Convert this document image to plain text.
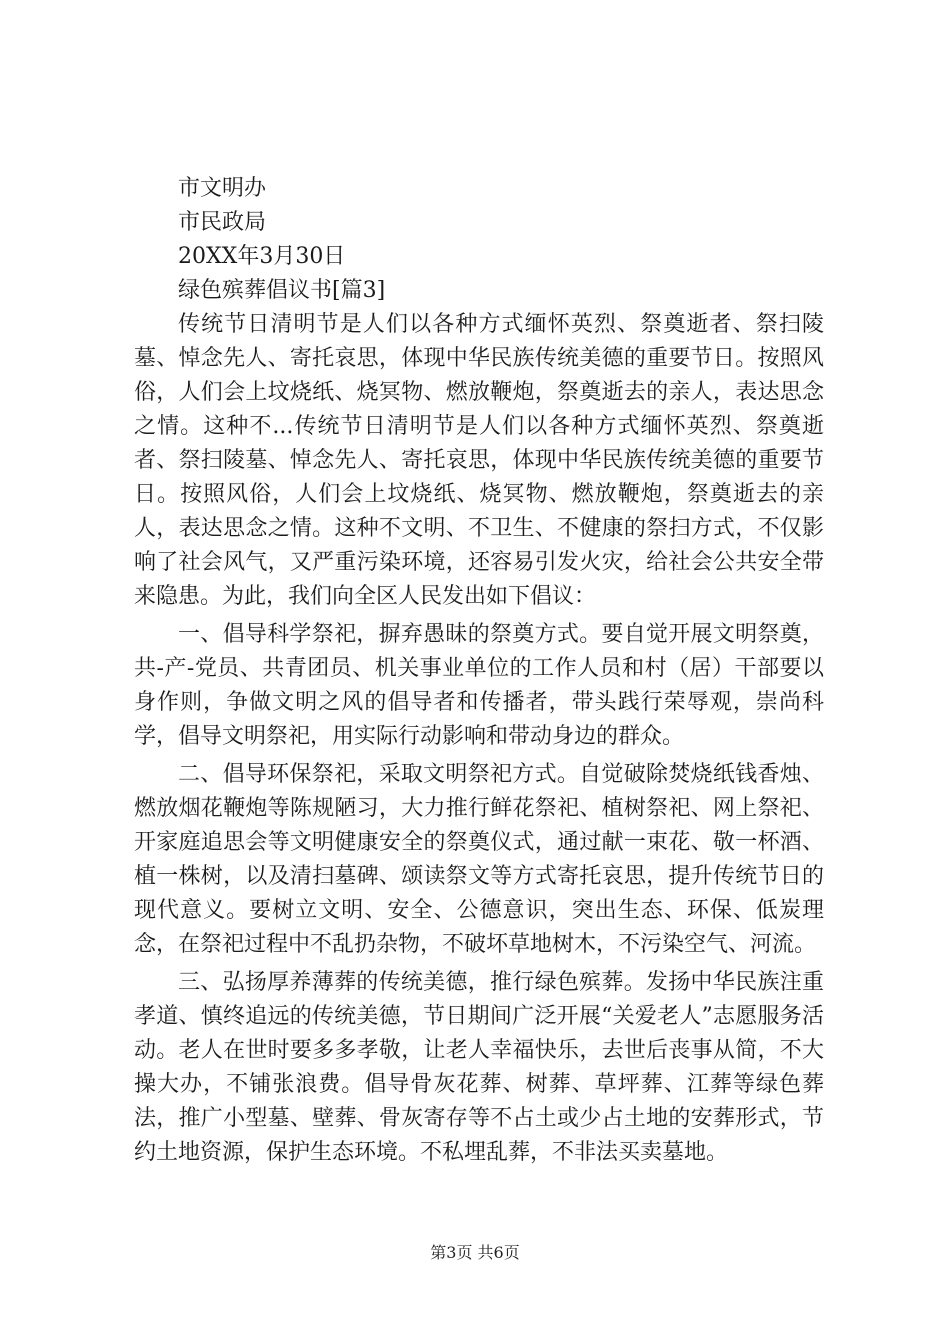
市文明办
市民政局
20XX年3月30日
绿色殡葬倡议书[篇3]

传统节日清明节是人们以各种方式缅怀英烈、祭奠逝者、祭扫陵墓、悼念先人、寄托哀思，体现中华民族传统美德的重要节日。按照风俗，人们会上坟烧纸、烧冥物、燃放鞭炮，祭奠逝去的亲人，表达思念之情。这种不...传统节日清明节是人们以各种方式缅怀英烈、祭奠逝者、祭扫陵墓、悼念先人、寄托哀思，体现中华民族传统美德的重要节日。按照风俗，人们会上坟烧纸、烧冥物、燃放鞭炮，祭奠逝去的亲人，表达思念之情。这种不文明、不卫生、不健康的祭扫方式，不仅影响了社会风气，又严重污染环境，还容易引发火灾，给社会公共安全带来隐患。为此，我们向全区人民发出如下倡议：

一、倡导科学祭祀，摒弃愚昧的祭奠方式。要自觉开展文明祭奠，共-产-党员、共青团员、机关事业单位的工作人员和村（居）干部要以身作则，争做文明之风的倡导者和传播者，带头践行荣辱观，崇尚科学，倡导文明祭祀，用实际行动影响和带动身边的群众。

二、倡导环保祭祀，采取文明祭祀方式。自觉破除焚烧纸钱香烛、燃放烟花鞭炮等陈规陋习，大力推行鲜花祭祀、植树祭祀、网上祭祀、开家庭追思会等文明健康安全的祭奠仪式，通过献一束花、敬一杯酒、植一株树，以及清扫墓碑、颂读祭文等方式寄托哀思，提升传统节日的现代意义。要树立文明、安全、公德意识，突出生态、环保、低炭理念，在祭祀过程中不乱扔杂物，不破坏草地树木，不污染空气、河流。

三、弘扬厚养薄葬的传统美德，推行绿色殡葬。发扬中华民族注重孝道、慎终追远的传统美德，节日期间广泛开展“关爱老人”志愿服务活动。老人在世时要多多孝敬，让老人幸福快乐，去世后丧事从简，不大操大办，不铺张浪费。倡导骨灰花葬、树葬、草坪葬、江葬等绿色葬法，推广小型墓、壁葬、骨灰寄存等不占土或少占土地的安葬形式，节约土地资源，保护生态环境。不私埋乱葬，不非法买卖墓地。

第3页 共6页
